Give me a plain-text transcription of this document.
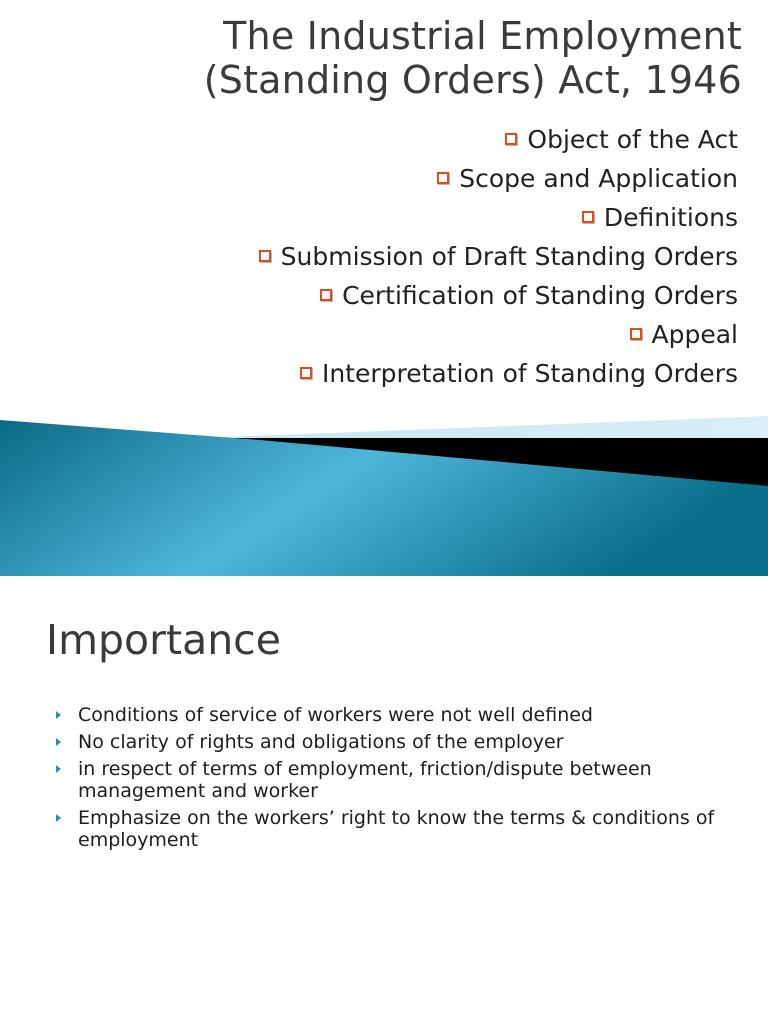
The Industrial Employment
(Standing Orders) Act, 1946
Object of the Act
Scope and Application
Definitions
Submission of Draft Standing Orders
Certification of Standing Orders
Appeal
Interpretation of Standing Orders
Importance
Conditions of service of workers were not well defined
No clarity of rights and obligations of the employer
in respect of terms of employment, friction/dispute between management and worker
Emphasize on the workers’ right to know the terms & conditions of employment
